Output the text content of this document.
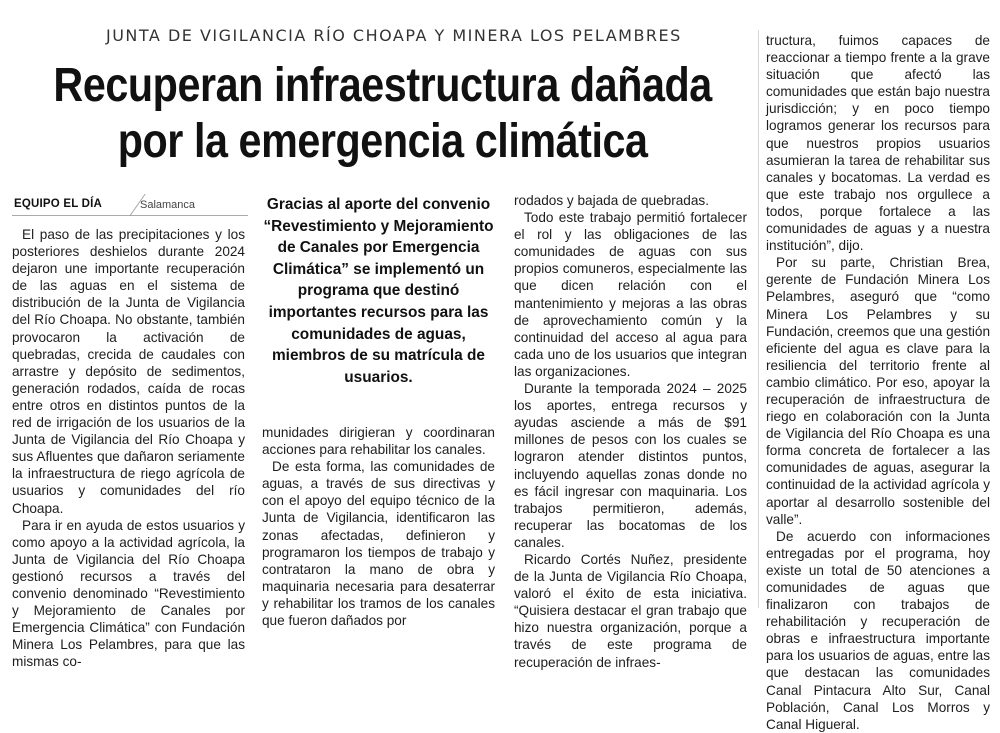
JUNTA DE VIGILANCIA RÍO CHOAPA Y MINERA LOS PELAMBRES
Recuperan infraestructura dañada por la emergencia climática
EQUIPO EL DÍA	Salamanca

El paso de las precipitaciones y los posteriores deshielos durante 2024 dejaron une importante recuperación de las aguas en el sistema de distribución de la Junta de Vigilancia del Río Choapa. No obstante, también provocaron la activación de quebradas, crecida de caudales con arrastre y depósito de sedimentos, generación rodados, caída de rocas entre otros en distintos puntos de la red de irrigación de los usuarios de la Junta de Vigilancia del Río Choapa y sus Afluentes que dañaron seriamente la infraestructura de riego agrícola de usuarios y comunidades del río Choapa.

Para ir en ayuda de estos usuarios y como apoyo a la actividad agrícola, la Junta de Vigilancia del Río Choapa gestionó recursos a través del convenio denominado “Revestimiento y Mejoramiento de Canales por Emergencia Climática” con Fundación Minera Los Pelambres, para que las mismas co-

Gracias al aporte del convenio “Revestimiento y Mejoramiento de Canales por Emergencia Climática” se implementó un programa que destinó importantes recursos para las comunidades de aguas, miembros de su matrícula de usuarios.

munidades dirigieran y coordinaran acciones para rehabilitar los canales.

De esta forma, las comunidades de aguas, a través de sus directivas y con el apoyo del equipo técnico de la Junta de Vigilancia, identificaron las zonas afectadas, definieron y programaron los tiempos de trabajo y contrataron la mano de obra y maquinaria necesaria para desaterrar y rehabilitar los tramos de los canales que fueron dañados por

rodados y bajada de quebradas.

Todo este trabajo permitió fortalecer el rol y las obligaciones de las comunidades de aguas con sus propios comuneros, especialmente las que dicen relación con el mantenimiento y mejoras a las obras de aprovechamiento común y la continuidad del acceso al agua para cada uno de los usuarios que integran las organizaciones.

Durante la temporada 2024 – 2025 los aportes, entrega recursos y ayudas asciende a más de $91 millones de pesos con los cuales se lograron atender distintos puntos, incluyendo aquellas zonas donde no es fácil ingresar con maquinaria. Los trabajos permitieron, además, recuperar las bocatomas de los canales.

Ricardo Cortés Nuñez, presidente de la Junta de Vigilancia Río Choapa, valoró el éxito de esta iniciativa. “Quisiera destacar el gran trabajo que hizo nuestra organización, porque a través de este programa de recuperación de infraes-

tructura, fuimos capaces de reaccionar a tiempo frente a la grave situación que afectó las comunidades que están bajo nuestra jurisdicción; y en poco tiempo logramos generar los recursos para que nuestros propios usuarios asumieran la tarea de rehabilitar sus canales y bocatomas. La verdad es que este trabajo nos orgullece a todos, porque fortalece a las comunidades de aguas y a nuestra institución”, dijo.

Por su parte, Christian Brea, gerente de Fundación Minera Los Pelambres, aseguró que “como Minera Los Pelambres y su Fundación, creemos que una gestión eficiente del agua es clave para la resiliencia del territorio frente al cambio climático. Por eso, apoyar la recuperación de infraestructura de riego en colaboración con la Junta de Vigilancia del Río Choapa es una forma concreta de fortalecer a las comunidades de aguas, asegurar la continuidad de la actividad agrícola y aportar al desarrollo sostenible del valle”.

De acuerdo con informaciones entregadas por el programa, hoy existe un total de 50 atenciones a comunidades de aguas que finalizaron con trabajos de rehabilitación y recuperación de obras e infraestructura importante para los usuarios de aguas, entre las que destacan las comunidades Canal Pintacura Alto Sur, Canal Población, Canal Los Morros y Canal Higueral.
